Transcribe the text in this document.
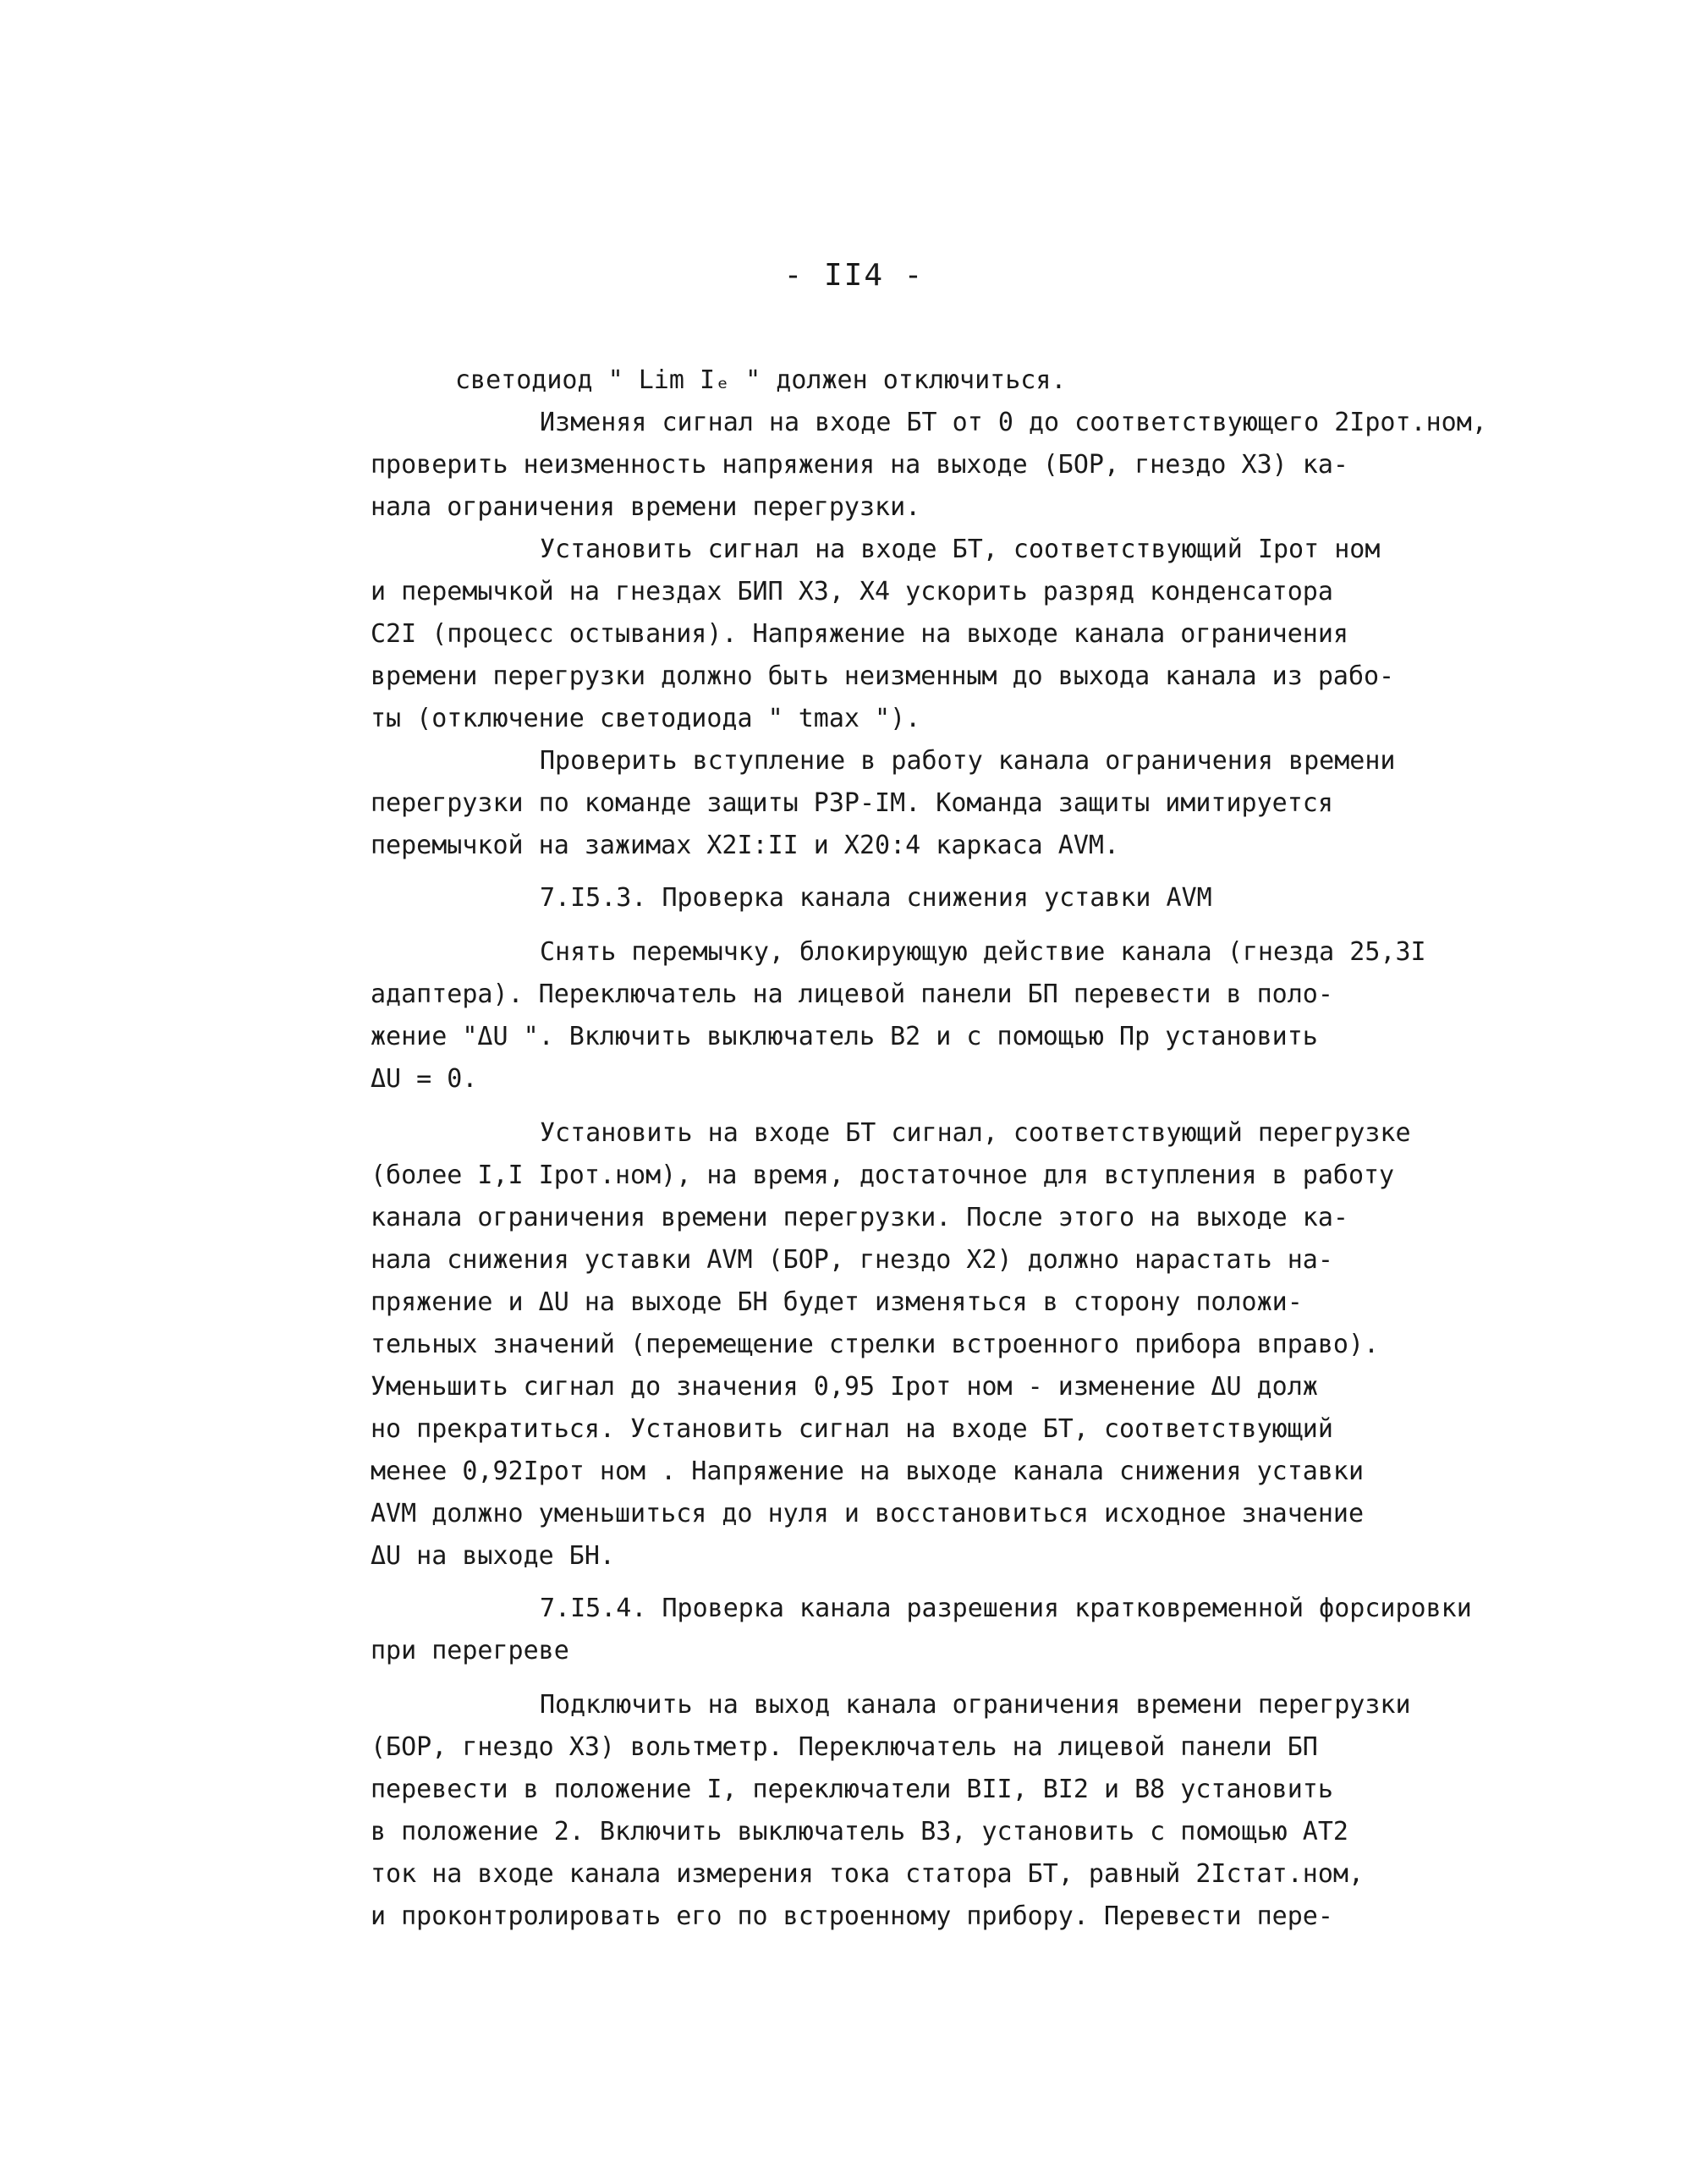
- II4 -

светодиод " Lim Iₑ " должен отключиться.

Изменяя сигнал на входе БТ от 0 до соответствующего 2Iрот.ном,
проверить неизменность напряжения на выходе (БОР, гнездо Х3) ка-
нала ограничения времени перегрузки.

Установить сигнал на входе БТ, соответствующий Iрот ном
и перемычкой на гнездах БИП Х3, Х4 ускорить разряд конденсатора
С2I (процесс остывания). Напряжение на выходе канала ограничения
времени перегрузки должно быть неизменным до выхода канала из рабо-
ты (отключение светодиода " tmax ").

Проверить вступление в работу канала ограничения времени
перегрузки по команде защиты РЗР-IМ. Команда защиты имитируется
перемычкой на зажимах Х2I:II и Х20:4 каркаса АVМ.

7.I5.3. Проверка канала снижения уставки АVМ

Снять перемычку, блокирующую действие канала (гнезда 25,3I
адаптера). Переключатель на лицевой панели БП перевести в поло-
жение "ΔU ". Включить выключатель В2 и с помощью Пр установить
ΔU = 0.

Установить на входе БТ сигнал, соответствующий перегрузке
(более I,I Iрот.ном), на время, достаточное для вступления в работу
канала ограничения времени перегрузки. После этого на выходе ка-
нала снижения уставки АVМ (БОР, гнездо Х2) должно нарастать на-
пряжение и ΔU на выходе БН будет изменяться в сторону положи-
тельных значений (перемещение стрелки встроенного прибора вправо).
Уменьшить сигнал до значения 0,95 Iрот ном - изменение ΔU долж
но прекратиться. Установить сигнал на входе БТ, соответствующий
менее 0,92Iрот ном . Напряжение на выходе канала снижения уставки
АVМ должно уменьшиться до нуля и восстановиться исходное значение
ΔU на выходе БН.

7.I5.4. Проверка канала разрешения кратковременной форсировки
при перегреве

Подключить на выход канала ограничения времени перегрузки
(БОР, гнездо Х3) вольтметр. Переключатель на лицевой панели БП
перевести в положение I, переключатели ВII, ВI2 и В8 установить
в положение 2. Включить выключатель В3, установить с помощью АТ2
ток на входе канала измерения тока статора БТ, равный 2Iстат.ном,
и проконтролировать его по встроенному прибору. Перевести пере-
